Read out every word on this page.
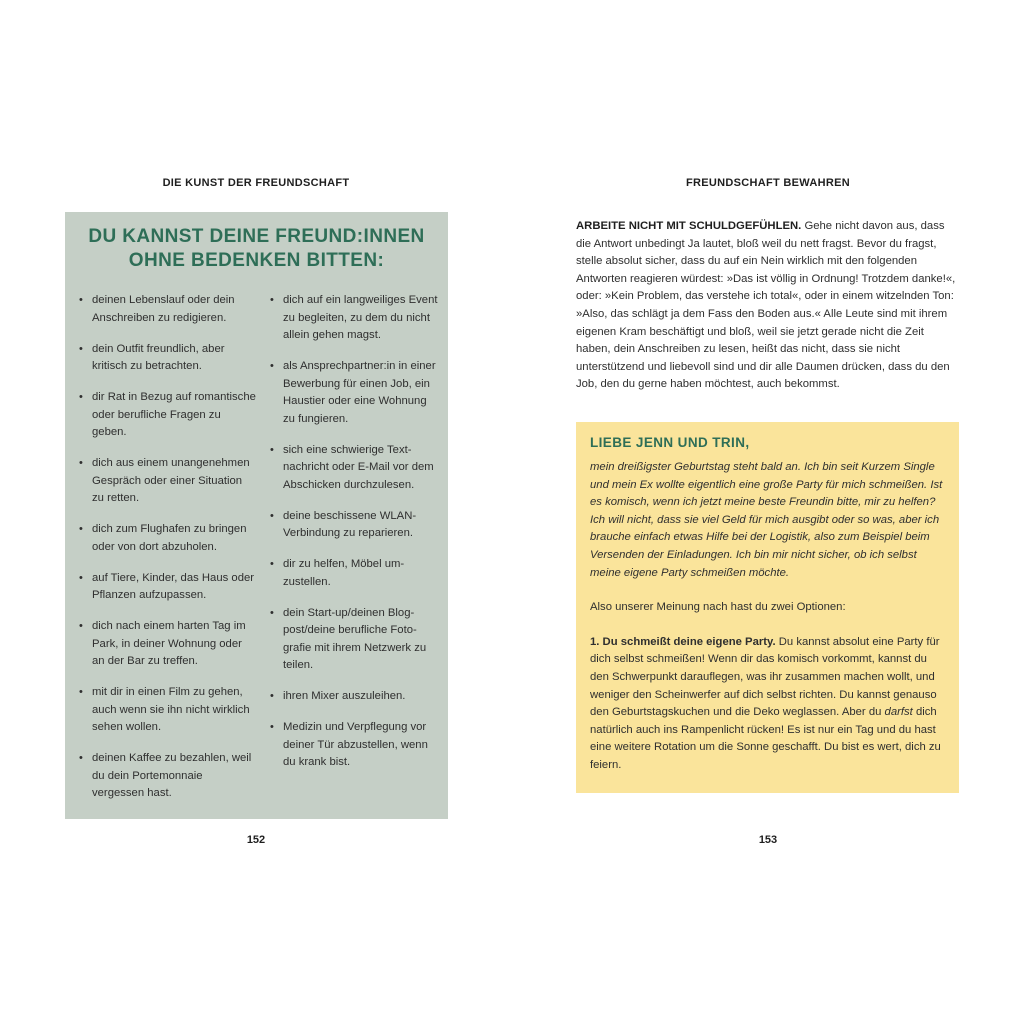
DIE KUNST DER FREUNDSCHAFT
DU KANNST DEINE FREUND:INNEN
OHNE BEDENKEN BITTEN:
• deinen Lebenslauf oder dein Anschreiben zu redigieren.
• dein Outfit freundlich, aber kritisch zu betrachten.
• dir Rat in Bezug auf romantische oder berufliche Fragen zu geben.
• dich aus einem unangenehmen Gespräch oder einer Situation zu retten.
• dich zum Flughafen zu bringen oder von dort abzuholen.
• auf Tiere, Kinder, das Haus oder Pflanzen aufzupassen.
• dich nach einem harten Tag im Park, in deiner Wohnung oder an der Bar zu treffen.
• mit dir in einen Film zu gehen, auch wenn sie ihn nicht wirklich sehen wollen.
• deinen Kaffee zu bezahlen, weil du dein Portemonnaie vergessen hast.
• dich auf ein langweiliges Event zu begleiten, zu dem du nicht allein gehen magst.
• als Ansprechpartner:in in einer Bewerbung für einen Job, ein Haustier oder eine Wohnung zu fungieren.
• sich eine schwierige Textnachricht oder E-Mail vor dem Abschicken durchzulesen.
• deine beschissene WLAN-Verbindung zu reparieren.
• dir zu helfen, Möbel umzustellen.
• dein Start-up/deinen Blogpost/deine berufliche Fotografie mit ihrem Netzwerk zu teilen.
• ihren Mixer auszuleihen.
• Medizin und Verpflegung vor deiner Tür abzustellen, wenn du krank bist.
152
FREUNDSCHAFT BEWAHREN
ARBEITE NICHT MIT SCHULDGEFÜHLEN. Gehe nicht davon aus, dass die Antwort unbedingt Ja lautet, bloß weil du nett fragst. Bevor du fragst, stelle absolut sicher, dass du auf ein Nein wirklich mit den folgenden Antworten reagieren würdest: »Das ist völlig in Ordnung! Trotzdem danke!«, oder: »Kein Problem, das verstehe ich total«, oder in einem witzelnden Ton: »Also, das schlägt ja dem Fass den Boden aus.« Alle Leute sind mit ihrem eigenen Kram beschäftigt und bloß, weil sie jetzt gerade nicht die Zeit haben, dein Anschreiben zu lesen, heißt das nicht, dass sie nicht unterstützend und liebevoll sind und dir alle Daumen drücken, dass du den Job, den du gerne haben möchtest, auch bekommst.
LIEBE JENN UND TRIN,

mein dreißigster Geburtstag steht bald an. Ich bin seit Kurzem Single und mein Ex wollte eigentlich eine große Party für mich schmeißen. Ist es komisch, wenn ich jetzt meine beste Freundin bitte, mir zu helfen? Ich will nicht, dass sie viel Geld für mich ausgibt oder so was, aber ich brauche einfach etwas Hilfe bei der Logistik, also zum Beispiel beim Versenden der Einladungen. Ich bin mir nicht sicher, ob ich selbst meine eigene Party schmeißen möchte.

Also unserer Meinung nach hast du zwei Optionen:

1. Du schmeißt deine eigene Party. Du kannst absolut eine Party für dich selbst schmeißen! Wenn dir das komisch vorkommt, kannst du den Schwerpunkt darauflegen, was ihr zusammen machen wollt, und weniger den Scheinwerfer auf dich selbst richten. Du kannst genauso den Geburtstagskuchen und die Deko weglassen. Aber du darfst dich natürlich auch ins Rampenlicht rücken! Es ist nur ein Tag und du hast eine weitere Rotation um die Sonne geschafft. Du bist es wert, dich zu feiern.

153
